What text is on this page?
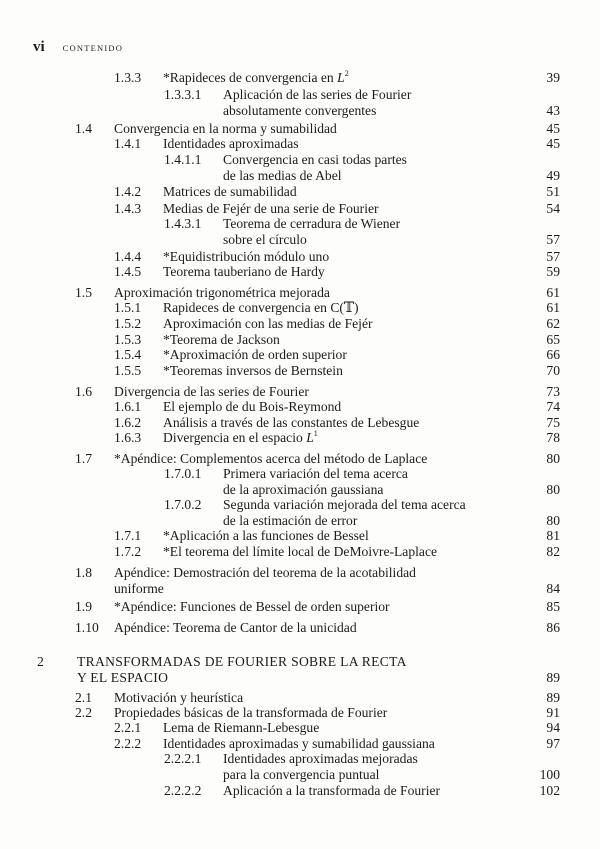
vi CONTENIDO
1.3.3 *Rapideces de convergencia en $L^2$	39
1.3.3.1 Aplicación de las series de Fourier
absolutamente convergentes	43
1.4 Convergencia en la norma y sumabilidad	45
1.4.1 Identidades aproximadas	45
1.4.1.1 Convergencia en casi todas partes
de las medias de Abel	49
1.4.2 Matrices de sumabilidad	51
1.4.3 Medias de Fejér de una serie de Fourier	54
1.4.3.1 Teorema de cerradura de Wiener
sobre el círculo	57
1.4.4 *Equidistribución módulo uno	57
1.4.5 Teorema tauberiano de Hardy	59
1.5 Aproximación trigonométrica mejorada	61
1.5.1 Rapideces de convergencia en C(𝕋)	61
1.5.2 Aproximación con las medias de Fejér	62
1.5.3 *Teorema de Jackson	65
1.5.4 *Aproximación de orden superior	66
1.5.5 *Teoremas inversos de Bernstein	70
1.6 Divergencia de las series de Fourier	73
1.6.1 El ejemplo de du Bois-Reymond	74
1.6.2 Análisis a través de las constantes de Lebesgue	75
1.6.3 Divergencia en el espacio $L^1$	78
1.7 *Apéndice: Complementos acerca del método de Laplace	80
1.7.0.1 Primera variación del tema acerca
de la aproximación gaussiana	80
1.7.0.2 Segunda variación mejorada del tema acerca
de la estimación de error	80
1.7.1 *Aplicación a las funciones de Bessel	81
1.7.2 *El teorema del límite local de DeMoivre-Laplace	82
1.8 Apéndice: Demostración del teorema de la acotabilidad
uniforme	84
1.9 *Apéndice: Funciones de Bessel de orden superior	85
1.10 Apéndice: Teorema de Cantor de la unicidad	86
2 TRANSFORMADAS DE FOURIER SOBRE LA RECTA
Y EL ESPACIO	89
2.1 Motivación y heurística	89
2.2 Propiedades básicas de la transformada de Fourier	91
2.2.1 Lema de Riemann-Lebesgue	94
2.2.2 Identidades aproximadas y sumabilidad gaussiana	97
2.2.2.1 Identidades aproximadas mejoradas
para la convergencia puntual	100
2.2.2.2 Aplicación a la transformada de Fourier	102
